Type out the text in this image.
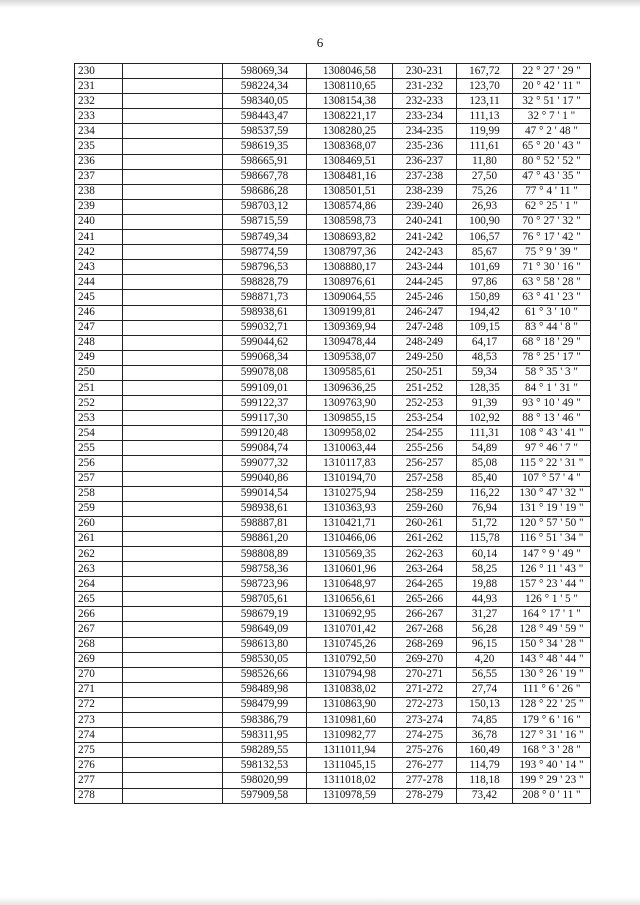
6
230		598069,34	1308046,58	230-231	167,72	22 ° 27 ' 29 "
231		598224,34	1308110,65	231-232	123,70	20 ° 42 ' 11 "
232		598340,05	1308154,38	232-233	123,11	32 ° 51 ' 17 "
233		598443,47	1308221,17	233-234	111,13	32 ° 7 ' 1 "
234		598537,59	1308280,25	234-235	119,99	47 ° 2 ' 48 "
235		598619,35	1308368,07	235-236	111,61	65 ° 20 ' 43 "
236		598665,91	1308469,51	236-237	11,80	80 ° 52 ' 52 "
237		598667,78	1308481,16	237-238	27,50	47 ° 43 ' 35 "
238		598686,28	1308501,51	238-239	75,26	77 ° 4 ' 11 "
239		598703,12	1308574,86	239-240	26,93	62 ° 25 ' 1 "
240		598715,59	1308598,73	240-241	100,90	70 ° 27 ' 32 "
241		598749,34	1308693,82	241-242	106,57	76 ° 17 ' 42 "
242		598774,59	1308797,36	242-243	85,67	75 ° 9 ' 39 "
243		598796,53	1308880,17	243-244	101,69	71 ° 30 ' 16 "
244		598828,79	1308976,61	244-245	97,86	63 ° 58 ' 28 "
245		598871,73	1309064,55	245-246	150,89	63 ° 41 ' 23 "
246		598938,61	1309199,81	246-247	194,42	61 ° 3 ' 10 "
247		599032,71	1309369,94	247-248	109,15	83 ° 44 ' 8 "
248		599044,62	1309478,44	248-249	64,17	68 ° 18 ' 29 "
249		599068,34	1309538,07	249-250	48,53	78 ° 25 ' 17 "
250		599078,08	1309585,61	250-251	59,34	58 ° 35 ' 3 "
251		599109,01	1309636,25	251-252	128,35	84 ° 1 ' 31 "
252		599122,37	1309763,90	252-253	91,39	93 ° 10 ' 49 "
253		599117,30	1309855,15	253-254	102,92	88 ° 13 ' 46 "
254		599120,48	1309958,02	254-255	111,31	108 ° 43 ' 41 "
255		599084,74	1310063,44	255-256	54,89	97 ° 46 ' 7 "
256		599077,32	1310117,83	256-257	85,08	115 ° 22 ' 31 "
257		599040,86	1310194,70	257-258	85,40	107 ° 57 ' 4 "
258		599014,54	1310275,94	258-259	116,22	130 ° 47 ' 32 "
259		598938,61	1310363,93	259-260	76,94	131 ° 19 ' 19 "
260		598887,81	1310421,71	260-261	51,72	120 ° 57 ' 50 "
261		598861,20	1310466,06	261-262	115,78	116 ° 51 ' 34 "
262		598808,89	1310569,35	262-263	60,14	147 ° 9 ' 49 "
263		598758,36	1310601,96	263-264	58,25	126 ° 11 ' 43 "
264		598723,96	1310648,97	264-265	19,88	157 ° 23 ' 44 "
265		598705,61	1310656,61	265-266	44,93	126 ° 1 ' 5 "
266		598679,19	1310692,95	266-267	31,27	164 ° 17 ' 1 "
267		598649,09	1310701,42	267-268	56,28	128 ° 49 ' 59 "
268		598613,80	1310745,26	268-269	96,15	150 ° 34 ' 28 "
269		598530,05	1310792,50	269-270	4,20	143 ° 48 ' 44 "
270		598526,66	1310794,98	270-271	56,55	130 ° 26 ' 19 "
271		598489,98	1310838,02	271-272	27,74	111 ° 6 ' 26 "
272		598479,99	1310863,90	272-273	150,13	128 ° 22 ' 25 "
273		598386,79	1310981,60	273-274	74,85	179 ° 6 ' 16 "
274		598311,95	1310982,77	274-275	36,78	127 ° 31 ' 16 "
275		598289,55	1311011,94	275-276	160,49	168 ° 3 ' 28 "
276		598132,53	1311045,15	276-277	114,79	193 ° 40 ' 14 "
277		598020,99	1311018,02	277-278	118,18	199 ° 29 ' 23 "
278		597909,58	1310978,59	278-279	73,42	208 ° 0 ' 11 "
